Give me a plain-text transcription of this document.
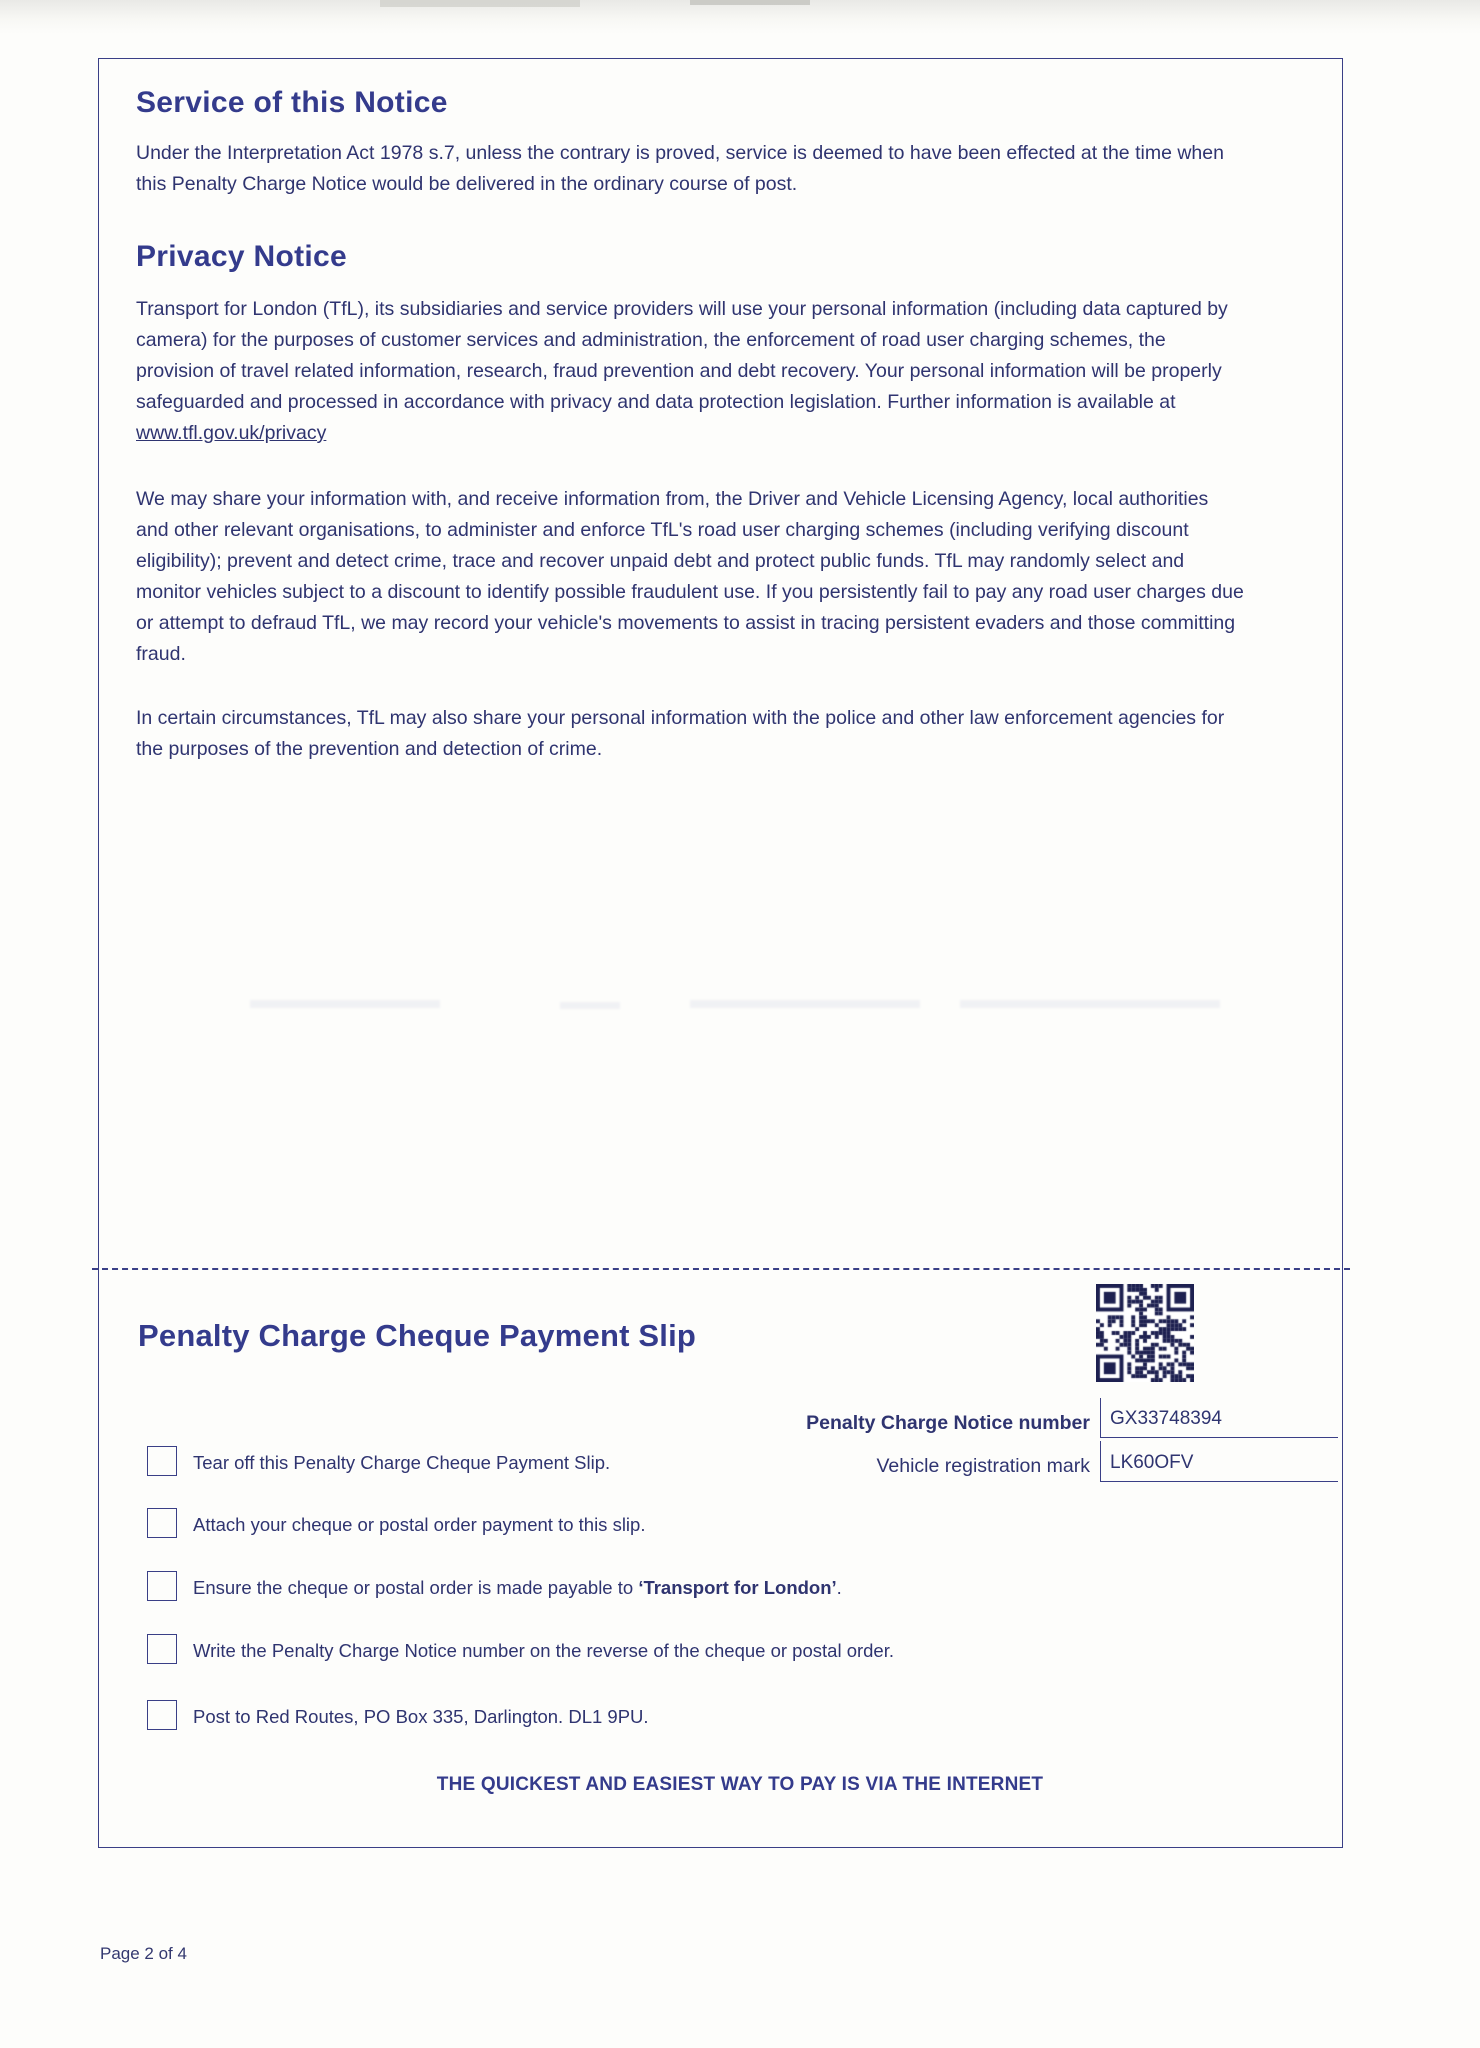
Service of this Notice
Under the Interpretation Act 1978 s.7, unless the contrary is proved, service is deemed to have been effected at the time when this Penalty Charge Notice would be delivered in the ordinary course of post.
Privacy Notice
Transport for London (TfL), its subsidiaries and service providers will use your personal information (including data captured by camera) for the purposes of customer services and administration, the enforcement of road user charging schemes, the provision of travel related information, research, fraud prevention and debt recovery. Your personal information will be properly safeguarded and processed in accordance with privacy and data protection legislation. Further information is available at www.tfl.gov.uk/privacy
We may share your information with, and receive information from, the Driver and Vehicle Licensing Agency, local authorities and other relevant organisations, to administer and enforce TfL's road user charging schemes (including verifying discount eligibility); prevent and detect crime, trace and recover unpaid debt and protect public funds. TfL may randomly select and monitor vehicles subject to a discount to identify possible fraudulent use. If you persistently fail to pay any road user charges due or attempt to defraud TfL, we may record your vehicle's movements to assist in tracing persistent evaders and those committing fraud.
In certain circumstances, TfL may also share your personal information with the police and other law enforcement agencies for the purposes of the prevention and detection of crime.
Penalty Charge Cheque Payment Slip
Penalty Charge Notice number GX33748394
Vehicle registration mark LK60OFV
Tear off this Penalty Charge Cheque Payment Slip.
Attach your cheque or postal order payment to this slip.
Ensure the cheque or postal order is made payable to ‘Transport for London’.
Write the Penalty Charge Notice number on the reverse of the cheque or postal order.
Post to Red Routes, PO Box 335, Darlington. DL1 9PU.
THE QUICKEST AND EASIEST WAY TO PAY IS VIA THE INTERNET
Page 2 of 4
